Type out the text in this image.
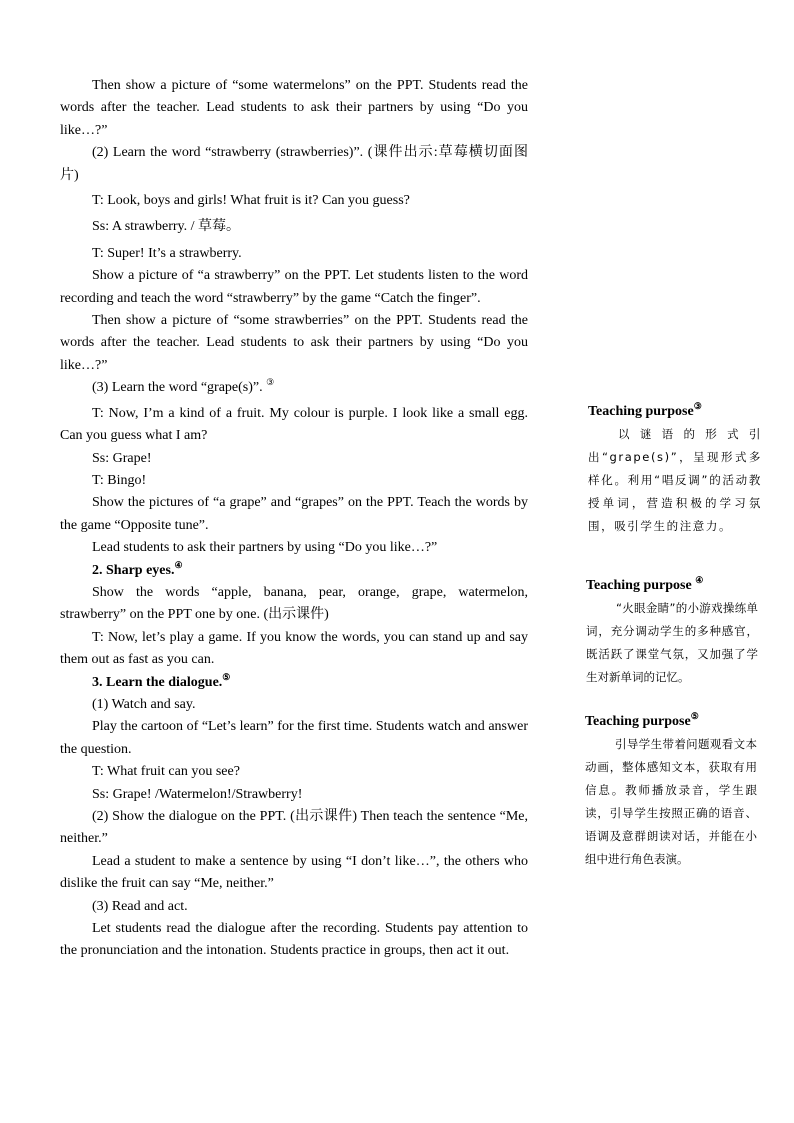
Then show a picture of “some watermelons” on the PPT. Students read the words after the teacher. Lead students to ask their partners by using “Do you like…?”

(2) Learn the word “strawberry (strawberries)”. (课件出示:草莓横切面图片)

T: Look, boys and girls! What fruit is it? Can you guess?

Ss: A strawberry. / 草莓。

T: Super! It’s a strawberry.

Show a picture of “a strawberry” on the PPT. Let students listen to the word recording and teach the word “strawberry” by the game “Catch the finger”.

Then show a picture of “some strawberries” on the PPT. Students read the words after the teacher. Lead students to ask their partners by using “Do you like…?”

(3) Learn the word “grape(s)”. ③

T: Now, I’m a kind of a fruit. My colour is purple. I look like a small egg. Can you guess what I am?

Ss: Grape!

T: Bingo!

Show the pictures of “a grape” and “grapes” on the PPT. Teach the words by the game “Opposite tune”.

Lead students to ask their partners by using “Do you like…?”

2. Sharp eyes.④

Show the words “apple, banana, pear, orange, grape, watermelon, strawberry” on the PPT one by one. (出示课件)

T: Now, let’s play a game. If you know the words, you can stand up and say them out as fast as you can.

3. Learn the dialogue.⑤

(1) Watch and say.

Play the cartoon of “Let’s learn” for the first time. Students watch and answer the question.

T: What fruit can you see?

Ss: Grape! /Watermelon!/Strawberry!

(2) Show the dialogue on the PPT. (出示课件) Then teach the sentence “Me, neither.”

Lead a student to make a sentence by using “I don’t like…”, the others who dislike the fruit can say “Me, neither.”

(3) Read and act.

Let students read the dialogue after the recording. Students pay attention to the pronunciation and the intonation. Students practice in groups, then act it out.

Teaching purpose③

以谜语的形式引出“grape(s)”，呈现形式多样化。利用“唱反调”的活动教授单词，营造积极的学习氛围，吸引学生的注意力。

Teaching purpose ④

“火眼金睛”的小游戏操练单词，充分调动学生的多种感官，既活跃了课堂气氛，又加强了学生对新单词的记忆。

Teaching purpose⑤

引导学生带着问题观看文本动画，整体感知文本，获取有用信息。教师播放录音，学生跟读，引导学生按照正确的语音、语调及意群朗读对话，并能在小组中进行角色表演。
